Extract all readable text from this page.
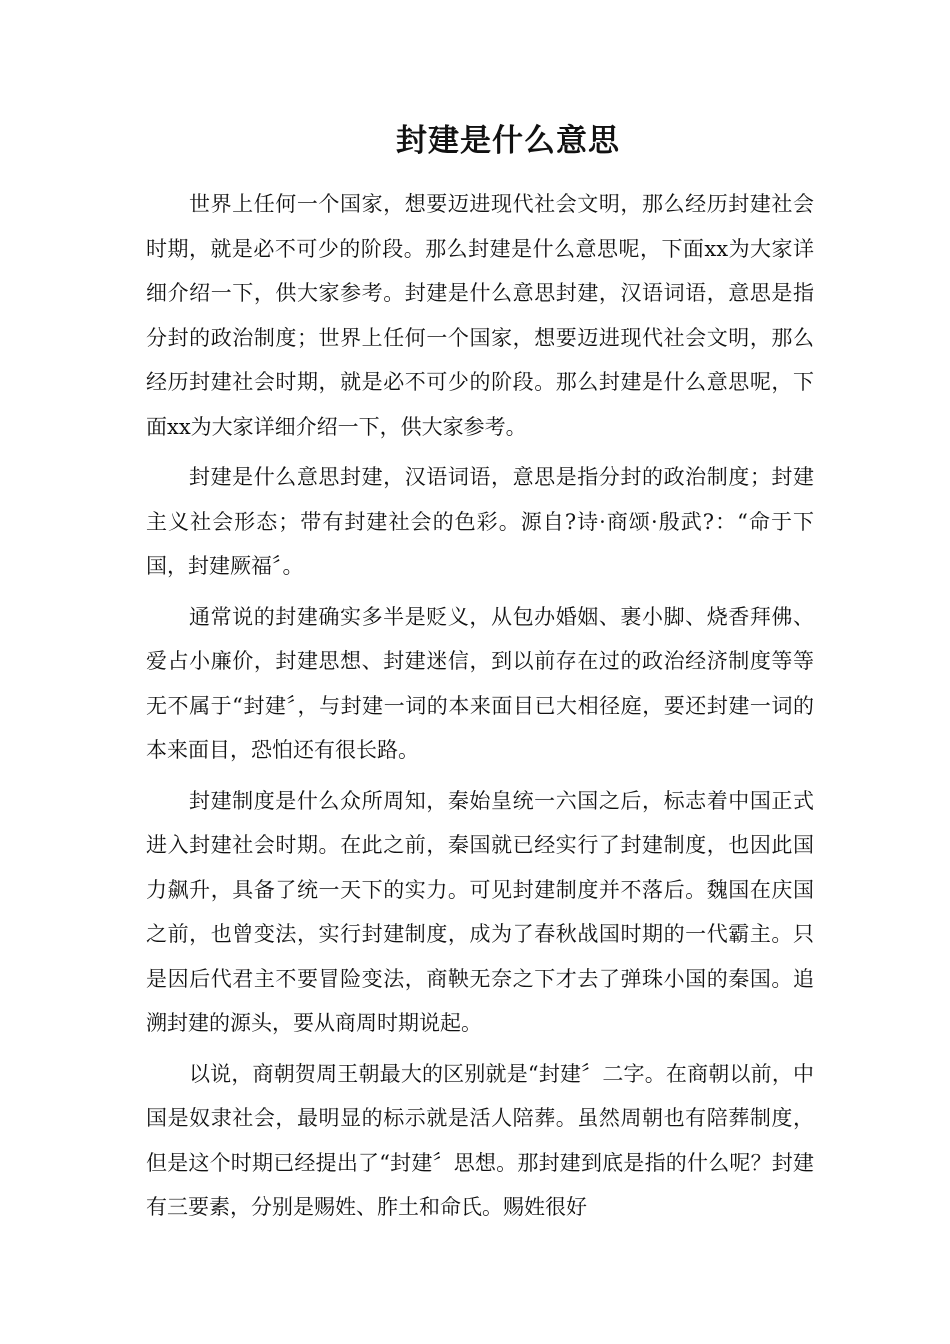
封建是什么意思

世界上任何一个国家，想要迈进现代社会文明，那么经历封建社会时期，就是必不可少的阶段。那么封建是什么意思呢，下面xx为大家详细介绍一下，供大家参考。封建是什么意思封建，汉语词语，意思是指分封的政治制度；世界上任何一个国家，想要迈进现代社会文明，那么经历封建社会时期，就是必不可少的阶段。那么封建是什么意思呢，下面xx为大家详细介绍一下，供大家参考。

封建是什么意思封建，汉语词语，意思是指分封的政治制度；封建主义社会形态；带有封建社会的色彩。源自?诗·商颂·殷武?：“命于下国，封建厥福〞。

通常说的封建确实多半是贬义，从包办婚姻、裹小脚、烧香拜佛、爱占小廉价，封建思想、封建迷信，到以前存在过的政治经济制度等等无不属于“封建〞，与封建一词的本来面目已大相径庭，要还封建一词的本来面目，恐怕还有很长路。

封建制度是什么众所周知，秦始皇统一六国之后，标志着中国正式进入封建社会时期。在此之前，秦国就已经实行了封建制度，也因此国力飙升，具备了统一天下的实力。可见封建制度并不落后。魏国在庆国之前，也曾变法，实行封建制度，成为了春秋战国时期的一代霸主。只是因后代君主不要冒险变法，商鞅无奈之下才去了弹珠小国的秦国。追溯封建的源头，要从商周时期说起。

以说，商朝贺周王朝最大的区别就是“封建〞二字。在商朝以前，中国是奴隶社会，最明显的标示就是活人陪葬。虽然周朝也有陪葬制度，但是这个时期已经提出了“封建〞思想。那封建到底是指的什么呢？封建有三要素，分别是赐姓、胙土和命氏。赐姓很好
